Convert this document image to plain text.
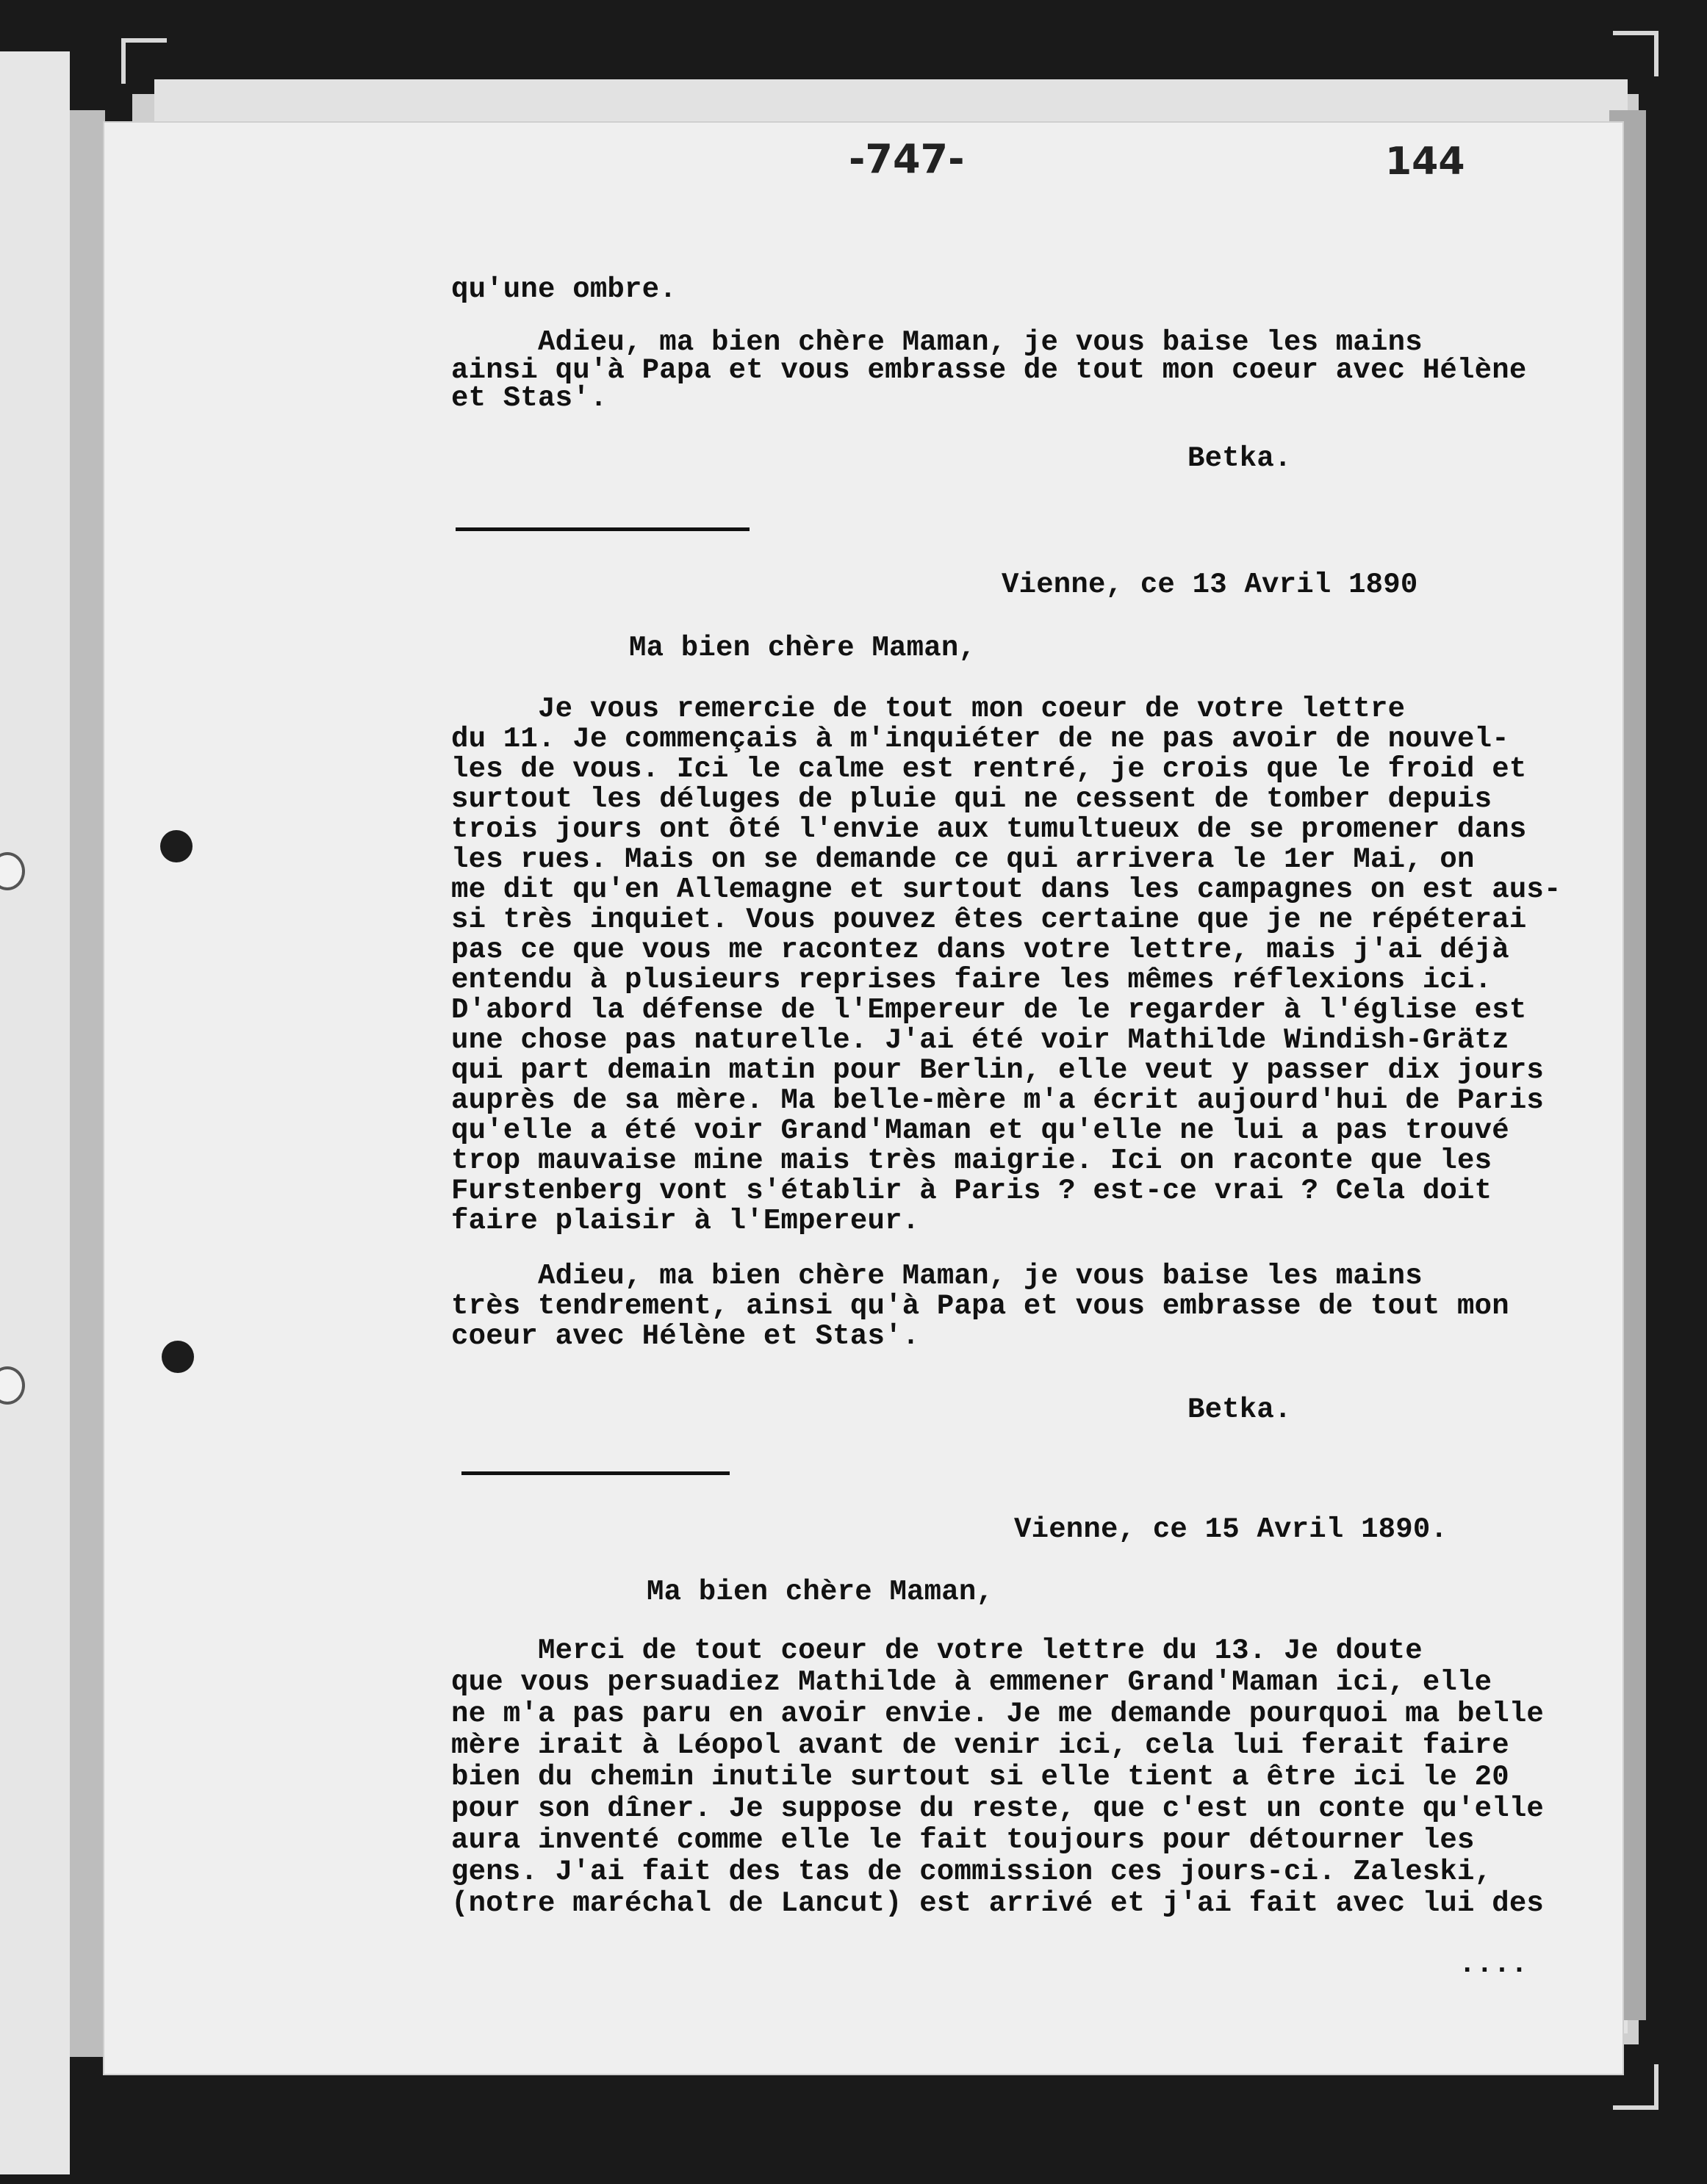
-747-	144

qu'une ombre.

Adieu, ma bien chère Maman, je vous baise les mains

ainsi qu'à Papa et vous embrasse de tout mon coeur avec Hélène

et Stas'.

Betka.
Vienne, ce 13 Avril 1890
Ma bien chère Maman,

Je vous remercie de tout mon coeur de votre lettre

du 11. Je commençais à m'inquiéter de ne pas avoir de nouvel-

les de vous. Ici le calme est rentré, je crois que le froid et

surtout les déluges de pluie qui ne cessent de tomber depuis

trois jours ont ôté l'envie aux tumultueux de se promener dans

les rues. Mais on se demande ce qui arrivera le 1er Mai, on

me dit qu'en Allemagne et surtout dans les campagnes on est aus-

si très inquiet. Vous pouvez êtes certaine que je ne répéterai

pas ce que vous me racontez dans votre lettre, mais j'ai déjà

entendu à plusieurs reprises faire les mêmes réflexions ici.

D'abord la défense de l'Empereur de le regarder à l'église est

une chose pas naturelle. J'ai été voir Mathilde Windish-Grätz

qui part demain matin pour Berlin, elle veut y passer dix jours

auprès de sa mère. Ma belle-mère m'a écrit aujourd'hui de Paris

qu'elle a été voir Grand'Maman et qu'elle ne lui a pas trouvé

trop mauvaise mine mais très maigrie. Ici on raconte que les

Furstenberg vont s'établir à Paris ? est-ce vrai ? Cela doit

faire plaisir à l'Empereur.

Adieu, ma bien chère Maman, je vous baise les mains

très tendrement, ainsi qu'à Papa et vous embrasse de tout mon

coeur avec Hélène et Stas'.

Betka.
Vienne, ce 15 Avril 1890.
Ma bien chère Maman,

Merci de tout coeur de votre lettre du 13. Je doute

que vous persuadiez Mathilde à emmener Grand'Maman ici, elle

ne m'a pas paru en avoir envie. Je me demande pourquoi ma belle

mère irait à Léopol avant de venir ici, cela lui ferait faire

bien du chemin inutile surtout si elle tient a être ici le 20

pour son dîner. Je suppose du reste, que c'est un conte qu'elle

aura inventé comme elle le fait toujours pour détourner les

gens. J'ai fait des tas de commission ces jours-ci. Zaleski,

(notre maréchal de Lancut) est arrivé et j'ai fait avec lui des

....
